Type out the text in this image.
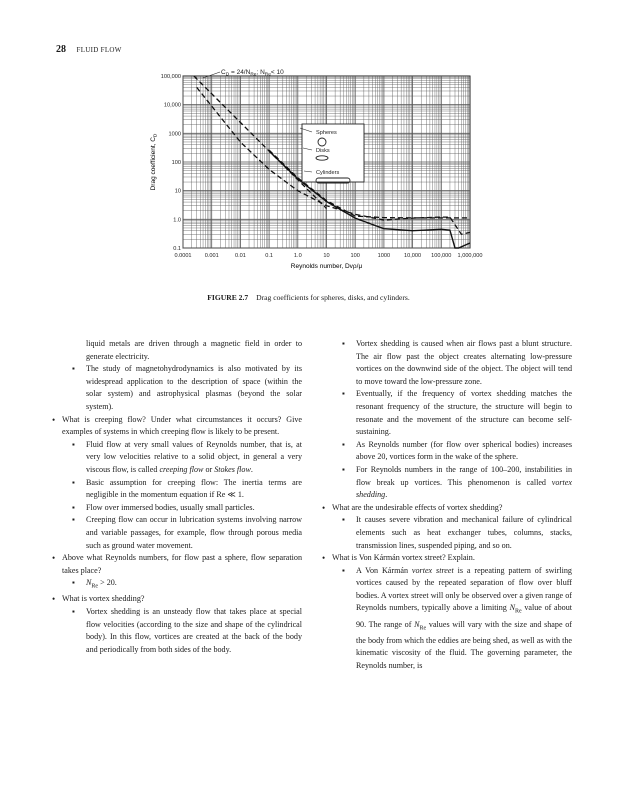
28 FLUID FLOW
0.0001 0.001	0.01	0.1	1.0	10	100	1000 10,000 100,000 1,000,000
0.1
1.0
10
100
1000
10,000
100,000
Spheres
Disks
Cylinders
$C_D = 24/N_{Re}$; $N_{Re}< 10$
Reynolds number, Dvρ/μ
Drag coefficient, $C_D$
FIGURE 2.7 Drag coefficients for spheres, disks, and cylinders.

liquid metals are driven through a magnetic field in order to generate electricity.

▪ The study of magnetohydrodynamics is also motivated by its widespread application to the description of space (within the solar system) and astrophysical plasmas (beyond the solar system).

• What is creeping flow? Under what circumstances it occurs? Give examples of systems in which creeping flow is likely to be present.

▪ Fluid flow at very small values of Reynolds number, that is, at very low velocities relative to a solid object, in general a very viscous flow, is called creeping flow or Stokes flow.

▪ Basic assumption for creeping flow: The inertia terms are negligible in the momentum equation if Re ≪ 1.

▪ Flow over immersed bodies, usually small particles.

▪ Creeping flow can occur in lubrication systems involving narrow and variable passages, for example, flow through porous media such as ground water movement.

• Above what Reynolds numbers, for flow past a sphere, flow separation takes place?

▪ $N_{Re} > 20$.

• What is vortex shedding?

▪ Vortex shedding is an unsteady flow that takes place at special flow velocities (according to the size and shape of the cylindrical body). In this flow, vortices are created at the back of the body and periodically from both sides of the body.

▪ Vortex shedding is caused when air flows past a blunt structure. The air flow past the object creates alternating low-pressure vortices on the downwind side of the object. The object will tend to move toward the low-pressure zone.

▪ Eventually, if the frequency of vortex shedding matches the resonant frequency of the structure, the structure will begin to resonate and the movement of the structure can become self-sustaining.

▪ As Reynolds number (for flow over spherical bodies) increases above 20, vortices form in the wake of the sphere.

▪ For Reynolds numbers in the range of 100–200, instabilities in flow break up vortices. This phenomenon is called vortex shedding.

• What are the undesirable effects of vortex shedding?

▪ It causes severe vibration and mechanical failure of cylindrical elements such as heat exchanger tubes, columns, stacks, transmission lines, suspended piping, and so on.

• What is Von Kármán vortex street? Explain.

▪ A Von Kármán vortex street is a repeating pattern of swirling vortices caused by the repeated separation of flow over bluff bodies. A vortex street will only be observed over a given range of Reynolds numbers, typically above a limiting $N_{Re}$ value of about 90. The range of $N_{Re}$ values will vary with the size and shape of the body from which the eddies are being shed, as well as with the kinematic viscosity of the fluid. The governing parameter, the Reynolds number, is
